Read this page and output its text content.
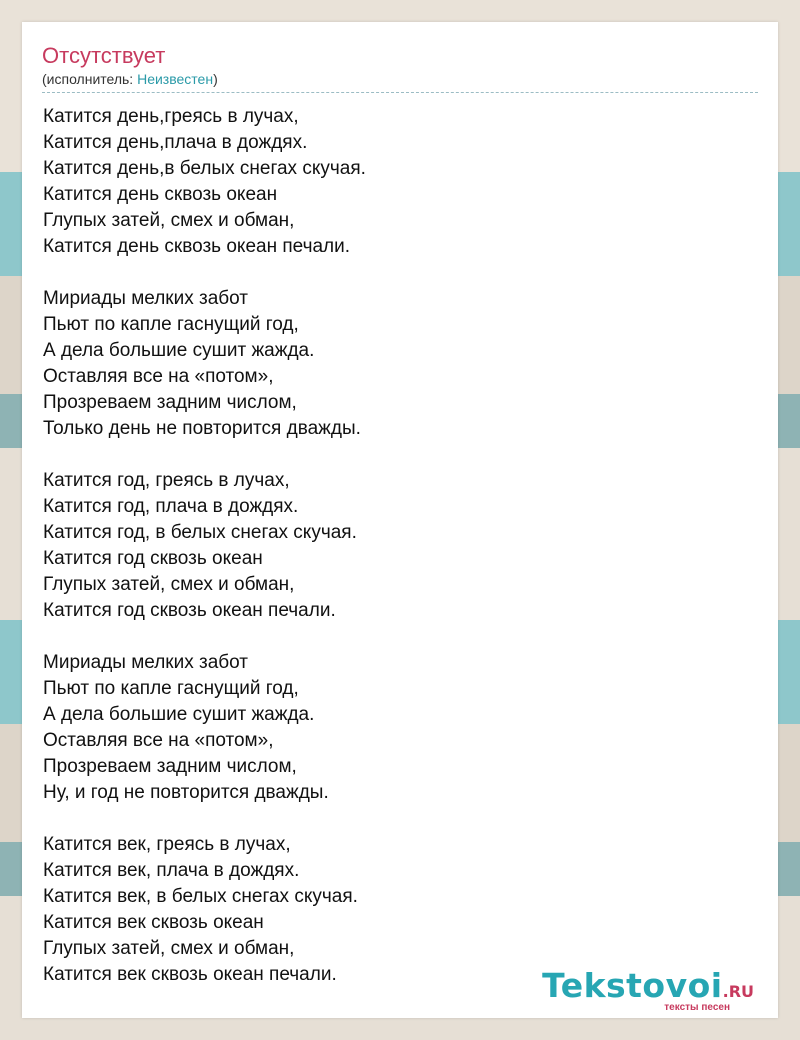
Отсутствует
(исполнитель: Неизвестен)
Катится день,греясь в лучах,
Катится день,плача в дождях.
Катится день,в белых снегах скучая.
Катится день сквозь океан
Глупых затей, смех и обман,
Катится день сквозь океан печали.
Мириады мелких забот
Пьют по капле гаснущий год,
А дела большие сушит жажда.
Оставляя все на «потом»,
Прозреваем задним числом,
Только день не повторится дважды.
Катится год, греясь в лучах,
Катится год, плача в дождях.
Катится год, в белых снегах скучая.
Катится год сквозь океан
Глупых затей, смех и обман,
Катится год сквозь океан печали.
Мириады мелких забот
Пьют по капле гаснущий год,
А дела большие сушит жажда.
Оставляя все на «потом»,
Прозреваем задним числом,
Ну, и год не повторится дважды.
Катится век, греясь в лучах,
Катится век, плача в дождях.
Катится век, в белых снегах скучая.
Катится век сквозь океан
Глупых затей, смех и обман,
Катится век сквозь океан печали.	Tekstovoi.RU
тексты песен
